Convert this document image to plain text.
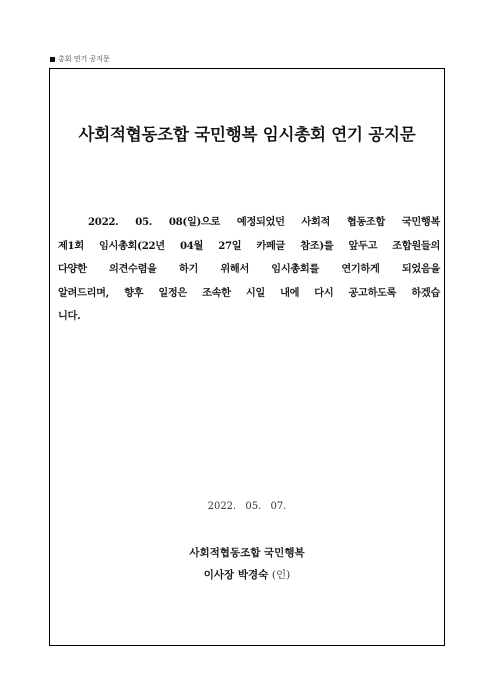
총회 연기 공지문
사회적협동조합 국민행복 임시총회 연기 공지문
2022. 05. 08(일)으로 예정되었던 사회적 협동조합 국민행복
제1회 임시총회(22년 04월 27일 카페글 참조)를 앞두고 조합원들의
다양한 의견수렴을 하기 위해서 임시총회를 연기하게 되었음을
알려드리며, 향후 일정은 조속한 시일 내에 다시 공고하도록 하겠습
니다.
2022. 05. 07.
사회적협동조합 국민행복
이사장 박경숙 (인)
